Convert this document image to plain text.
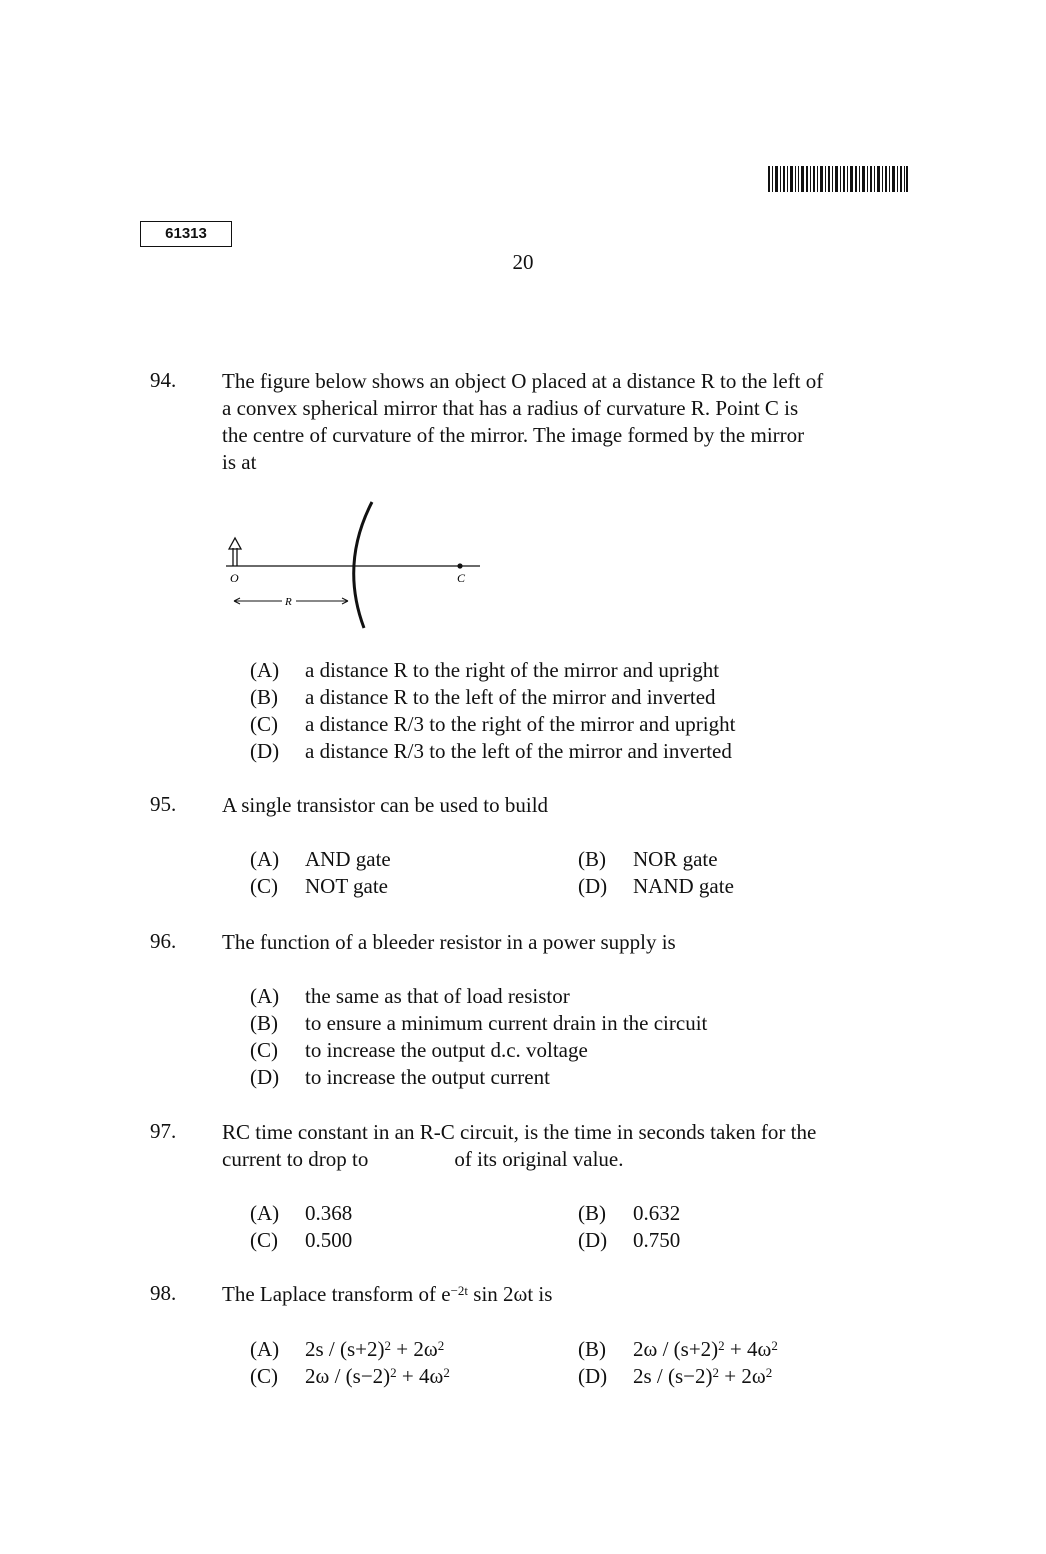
61313
20
94. The figure below shows an object O placed at a distance R to the left of
a convex spherical mirror that has a radius of curvature R. Point C is
the centre of curvature of the mirror. The image formed by the mirror
is at
O	C
R
(A) a distance R to the right of the mirror and upright
(B) a distance R to the left of the mirror and inverted
(C) a distance R/3 to the right of the mirror and upright
(D) a distance R/3 to the left of the mirror and inverted
95. A single transistor can be used to build
(A) AND gate	(B) NOR gate
(C) NOT gate	(D) NAND gate
96. The function of a bleeder resistor in a power supply is
(A) the same as that of load resistor
(B) to ensure a minimum current drain in the circuit
(C) to increase the output d.c. voltage
(D) to increase the output current
97. RC time constant in an R-C circuit, is the time in seconds taken for the
current to drop to	of its original value.
(A) 0.368	(B) 0.632
(C) 0.500	(D) 0.750
98. The Laplace transform of $e^{-2t}$ sin 2ωt is
(A) $2s / (s+2)^2 + 2\omega^2$	(B) $2\omega / (s+2)^2 + 4\omega^2$
(C) $2\omega / (s-2)^2 + 4\omega^2$	(D) $2s / (s-2)^2 + 2\omega^2$
